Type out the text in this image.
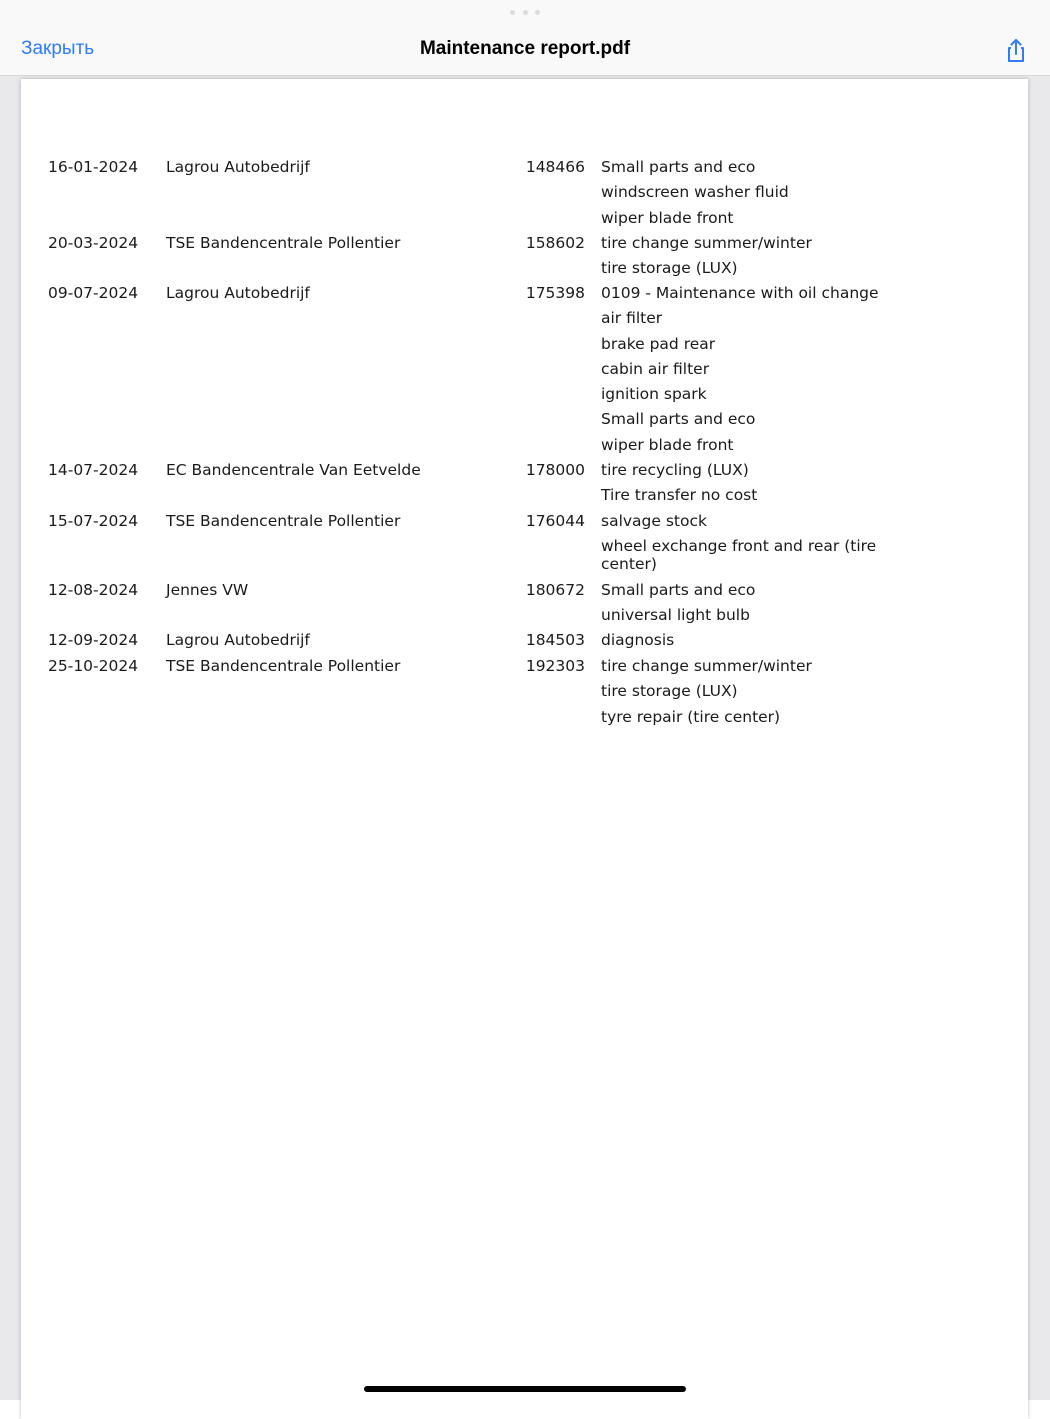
Закрыть	Maintenance report.pdf
16-01-2024 Lagrou Autobedrijf	148466 Small parts and eco
windscreen washer fluid
wiper blade front
20-03-2024 TSE Bandencentrale Pollentier	158602 tire change summer/winter
tire storage (LUX)
09-07-2024 Lagrou Autobedrijf	175398 0109 - Maintenance with oil change
air filter
brake pad rear
cabin air filter
ignition spark
Small parts and eco
wiper blade front
14-07-2024 EC Bandencentrale Van Eetvelde	178000 tire recycling (LUX)
Tire transfer no cost
15-07-2024 TSE Bandencentrale Pollentier	176044 salvage stock
wheel exchange front and rear (tire center)
12-08-2024 Jennes VW	180672 Small parts and eco
universal light bulb
12-09-2024 Lagrou Autobedrijf	184503 diagnosis
25-10-2024 TSE Bandencentrale Pollentier	192303 tire change summer/winter
tire storage (LUX)
tyre repair (tire center)
